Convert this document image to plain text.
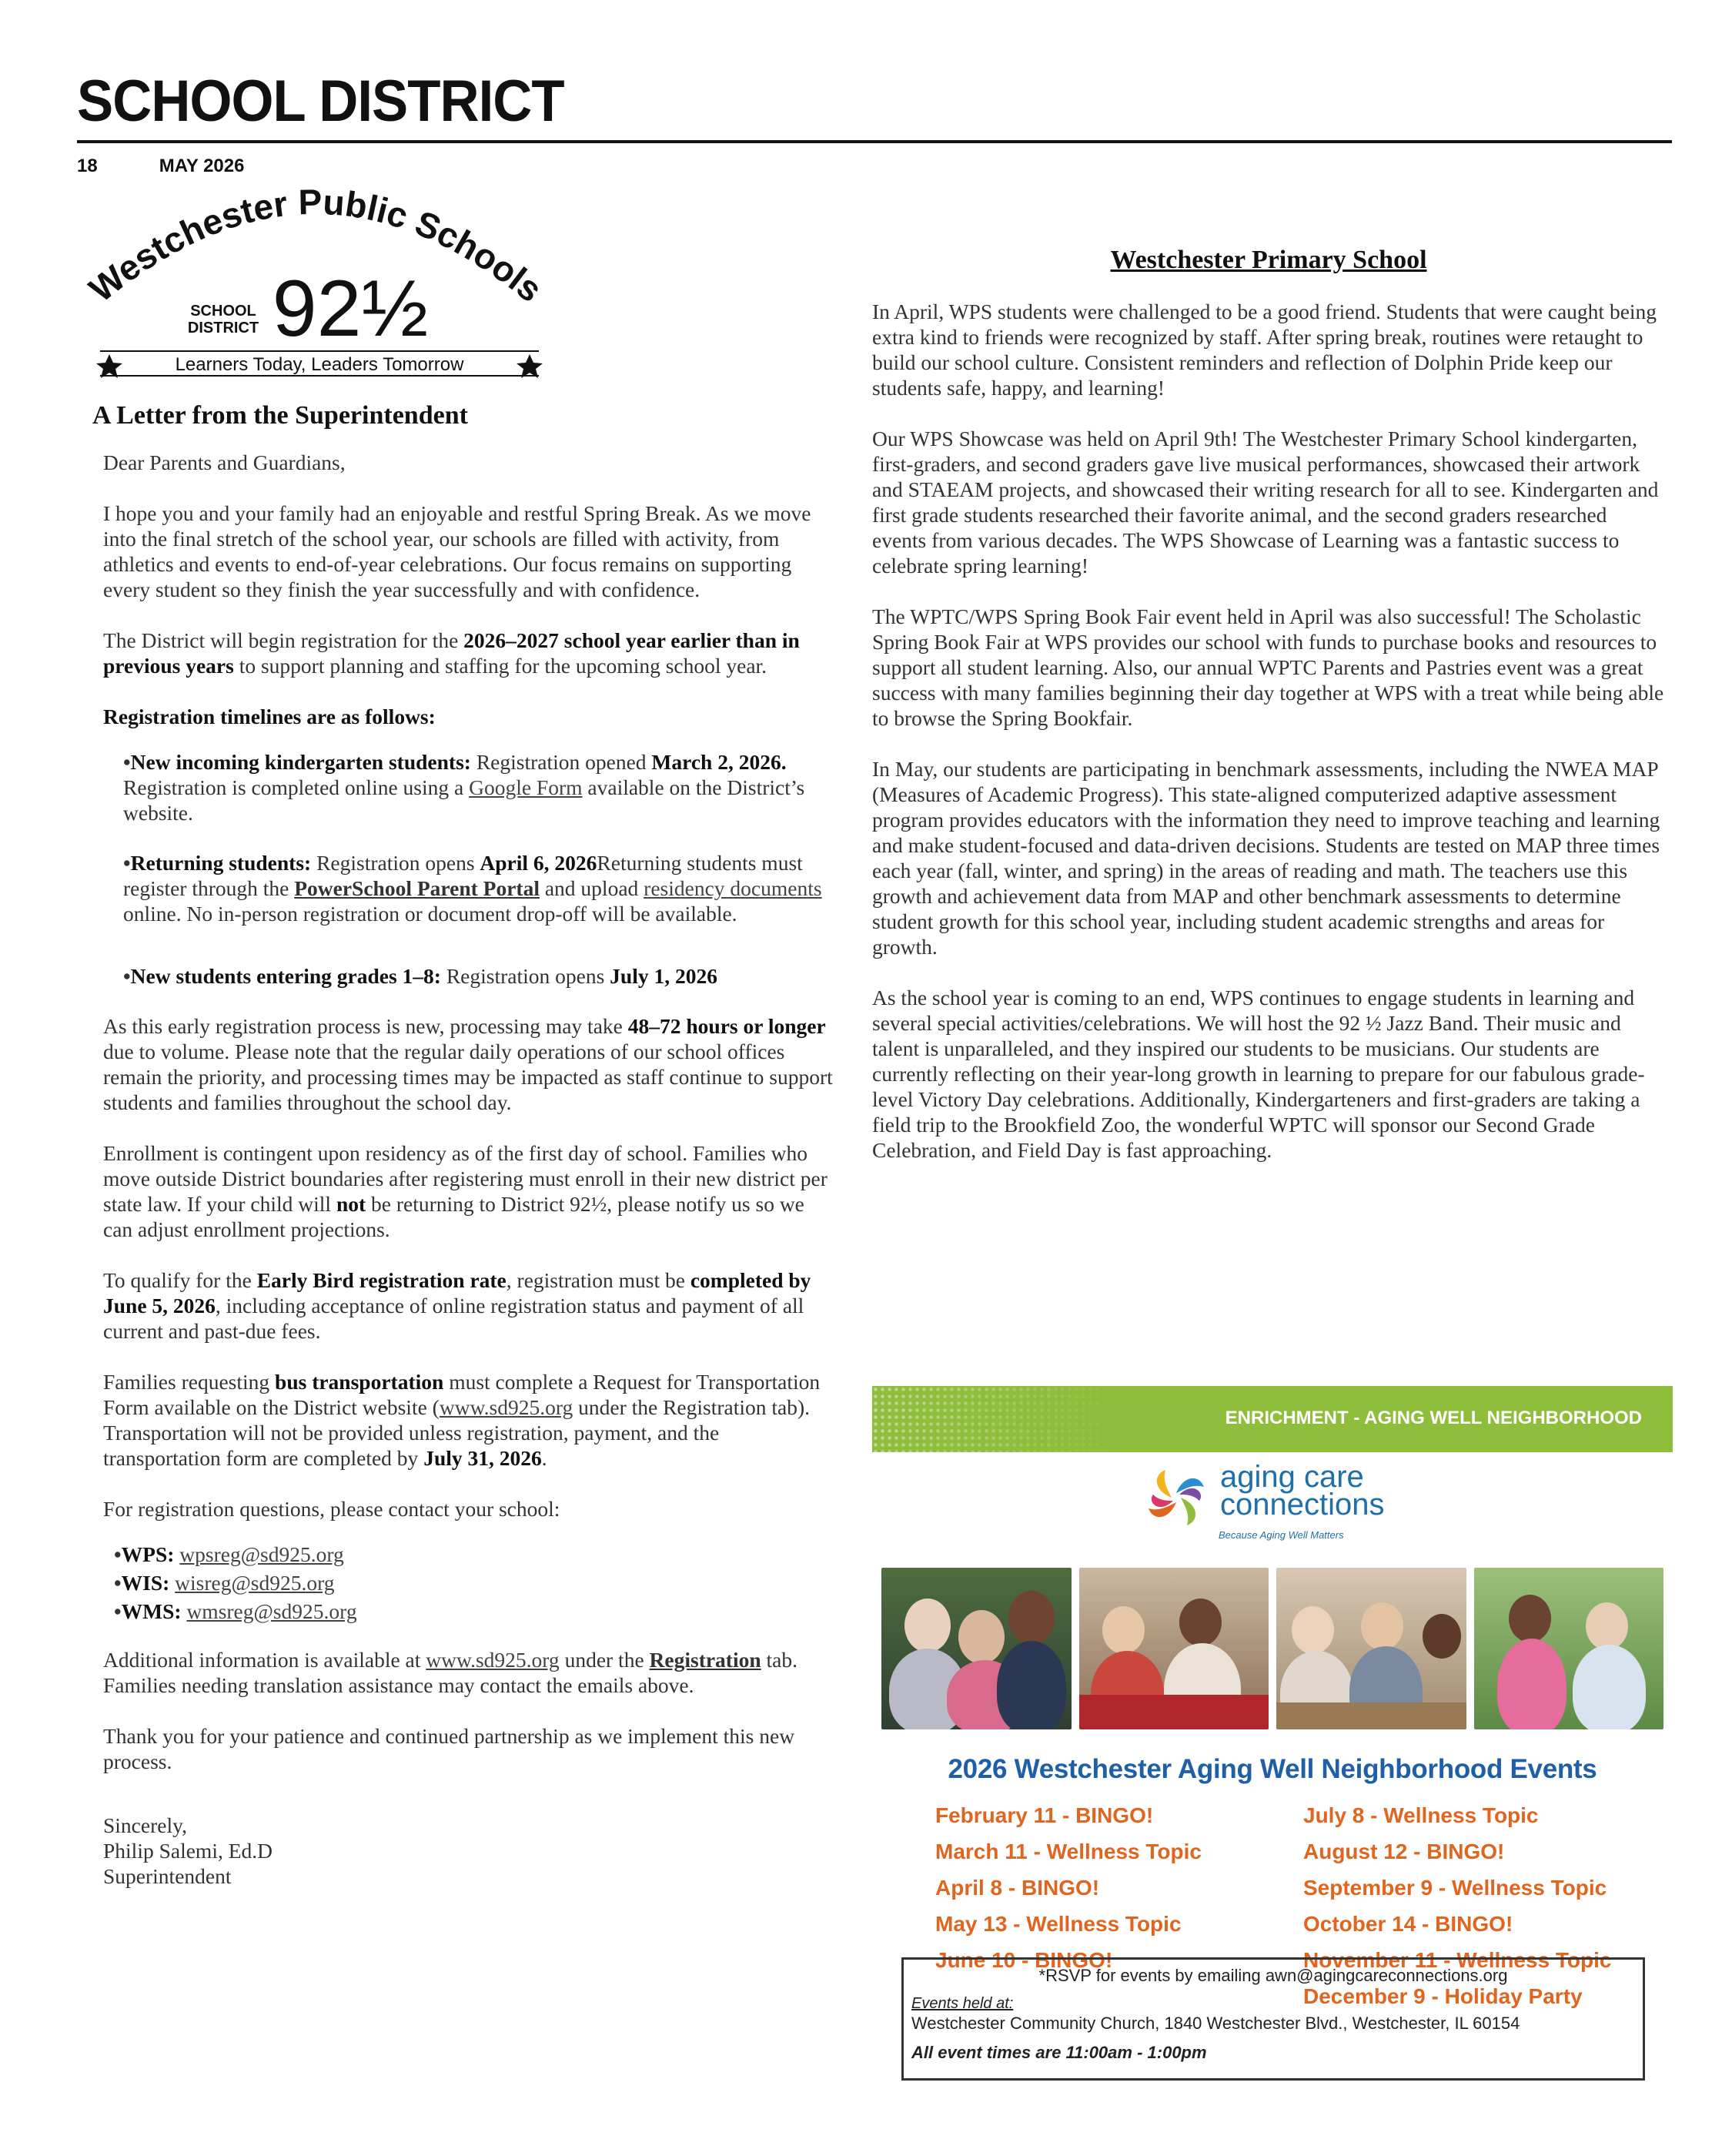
SCHOOL DISTRICT
18	MAY 2026
Westchester Public Schools
SCHOOL
DISTRICT 92½
Learners Today, Leaders Tomorrow
A Letter from the Superintendent

Dear Parents and Guardians,

I hope you and your family had an enjoyable and restful Spring Break. As we move into the final stretch of the school year, our schools are filled with activity, from athletics and events to end-of-year celebrations. Our focus remains on supporting every student so they finish the year successfully and with confidence.

The District will begin registration for the 2026–2027 school year earlier than in previous years to support planning and staffing for the upcoming school year.

Registration timelines are as follows:

•New incoming kindergarten students: Registration opened March 2, 2026. Registration is completed online using a Google Form available on the District’s website.
•Returning students: Registration opens April 6, 2026Returning students must register through the PowerSchool Parent Portal and upload residency documents online. No in-person registration or document drop-off will be available.
•New students entering grades 1–8: Registration opens July 1, 2026

As this early registration process is new, processing may take 48–72 hours or longer due to volume. Please note that the regular daily operations of our school offices remain the priority, and processing times may be impacted as staff continue to support students and families throughout the school day.

Enrollment is contingent upon residency as of the first day of school. Families who move outside District boundaries after registering must enroll in their new district per state law. If your child will not be returning to District 92½, please notify us so we can adjust enrollment projections.

To qualify for the Early Bird registration rate, registration must be completed by June 5, 2026, including acceptance of online registration status and payment of all current and past-due fees.

Families requesting bus transportation must complete a Request for Transportation Form available on the District website (www.sd925.org under the Registration tab). Transportation will not be provided unless registration, payment, and the transportation form are completed by July 31, 2026.

For registration questions, please contact your school:

•WPS: wpsreg@sd925.org
•WIS: wisreg@sd925.org
•WMS: wmsreg@sd925.org

Additional information is available at www.sd925.org under the Registration tab. Families needing translation assistance may contact the emails above.

Thank you for your patience and continued partnership as we implement this new process.

Sincerely,
Philip Salemi, Ed.D
Superintendent
Westchester Primary School

In April, WPS students were challenged to be a good friend. Students that were caught being extra kind to friends were recognized by staff. After spring break, routines were retaught to build our school culture. Consistent reminders and reflection of Dolphin Pride keep our students safe, happy, and learning!

Our WPS Showcase was held on April 9th! The Westchester Primary School kindergarten, first-graders, and second graders gave live musical performances, showcased their artwork and STAEAM projects, and showcased their writing research for all to see. Kindergarten and first grade students researched their favorite animal, and the second graders researched events from various decades. The WPS Showcase of Learning was a fantastic success to celebrate spring learning!

The WPTC/WPS Spring Book Fair event held in April was also successful! The Scholastic Spring Book Fair at WPS provides our school with funds to purchase books and resources to support all student learning. Also, our annual WPTC Parents and Pastries event was a great success with many families beginning their day together at WPS with a treat while being able to browse the Spring Bookfair.

In May, our students are participating in benchmark assessments, including the NWEA MAP (Measures of Academic Progress). This state-aligned computerized adaptive assessment program provides educators with the information they need to improve teaching and learning and make student-focused and data-driven decisions. Students are tested on MAP three times each year (fall, winter, and spring) in the areas of reading and math. The teachers use this growth and achievement data from MAP and other benchmark assessments to determine student growth for this school year, including student academic strengths and areas for growth.

As the school year is coming to an end, WPS continues to engage students in learning and several special activities/celebrations. We will host the 92 ½ Jazz Band. Their music and talent is unparalleled, and they inspired our students to be musicians. Our students are currently reflecting on their year-long growth in learning to prepare for our fabulous grade-level Victory Day celebrations. Additionally, Kindergarteners and first-graders are taking a field trip to the Brookfield Zoo, the wonderful WPTC will sponsor our Second Grade Celebration, and Field Day is fast approaching.

ENRICHMENT - AGING WELL NEIGHBORHOOD
aging care
connections
Because Aging Well Matters
2026 Westchester Aging Well Neighborhood Events
February 11 - BINGO!
March 11 - Wellness Topic
April 8 - BINGO!
May 13 - Wellness Topic
June 10 - BINGO!
July 8 - Wellness Topic
August 12 - BINGO!
September 9 - Wellness Topic
October 14 - BINGO!
November 11 - Wellness Topic
December 9 - Holiday Party
*RSVP for events by emailing awn@agingcareconnections.org
Events held at:
Westchester Community Church, 1840 Westchester Blvd., Westchester, IL 60154
All event times are 11:00am - 1:00pm
